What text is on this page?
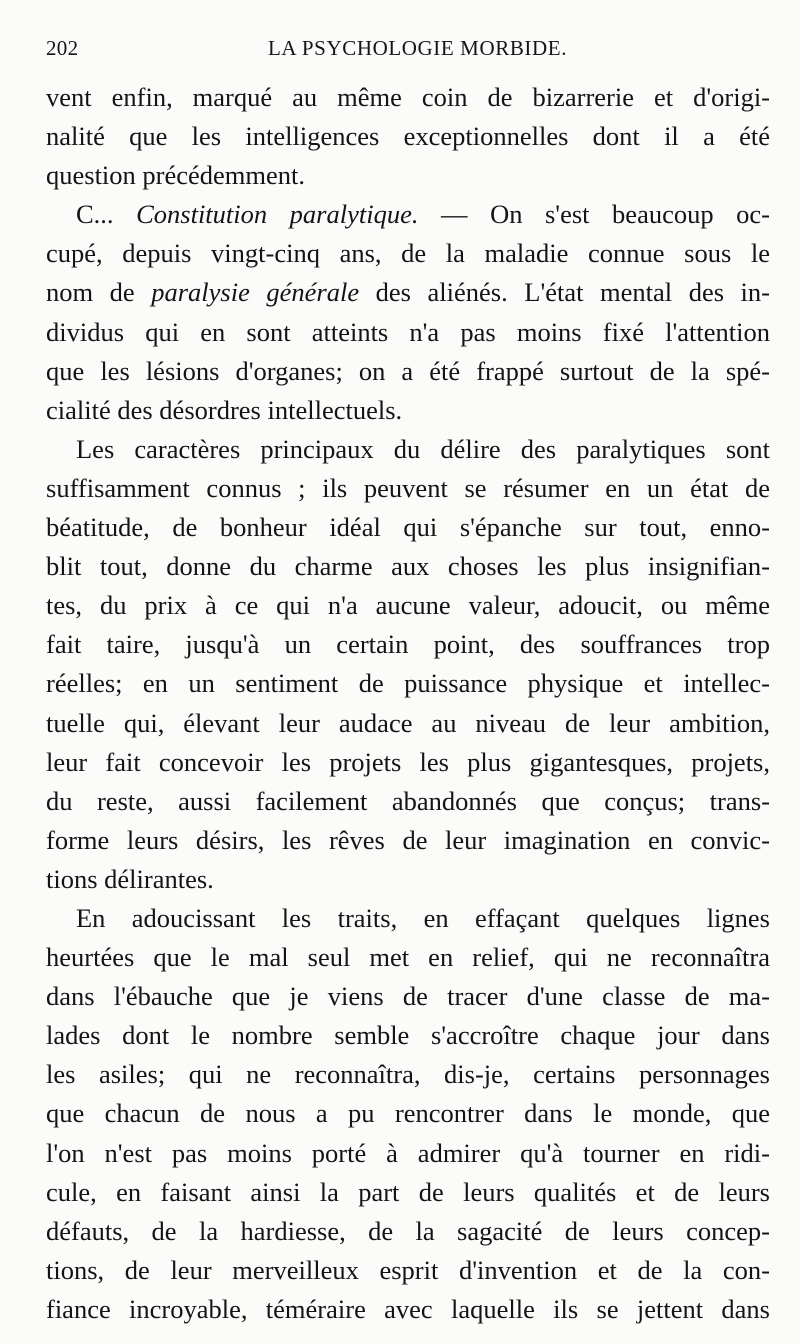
202	LA PSYCHOLOGIE MORBIDE.
vent enfin, marqué au même coin de bizarrerie et d'origi-
nalité que les intelligences exceptionnelles dont il a été
question précédemment.
C... Constitution paralytique. — On s'est beaucoup oc-
cupé, depuis vingt-cinq ans, de la maladie connue sous le
nom de paralysie générale des aliénés. L'état mental des in-
dividus qui en sont atteints n'a pas moins fixé l'attention
que les lésions d'organes; on a été frappé surtout de la spé-
cialité des désordres intellectuels.
Les caractères principaux du délire des paralytiques sont
suffisamment connus ; ils peuvent se résumer en un état de
béatitude, de bonheur idéal qui s'épanche sur tout, enno-
blit tout, donne du charme aux choses les plus insignifian-
tes, du prix à ce qui n'a aucune valeur, adoucit, ou même
fait taire, jusqu'à un certain point, des souffrances trop
réelles; en un sentiment de puissance physique et intellec-
tuelle qui, élevant leur audace au niveau de leur ambition,
leur fait concevoir les projets les plus gigantesques, projets,
du reste, aussi facilement abandonnés que conçus; trans-
forme leurs désirs, les rêves de leur imagination en convic-
tions délirantes.
En adoucissant les traits, en effaçant quelques lignes
heurtées que le mal seul met en relief, qui ne reconnaîtra
dans l'ébauche que je viens de tracer d'une classe de ma-
lades dont le nombre semble s'accroître chaque jour dans
les asiles; qui ne reconnaîtra, dis-je, certains personnages
que chacun de nous a pu rencontrer dans le monde, que
l'on n'est pas moins porté à admirer qu'à tourner en ridi-
cule, en faisant ainsi la part de leurs qualités et de leurs
défauts, de la hardiesse, de la sagacité de leurs concep-
tions, de leur merveilleux esprit d'invention et de la con-
fiance incroyable, téméraire avec laquelle ils se jettent dans
